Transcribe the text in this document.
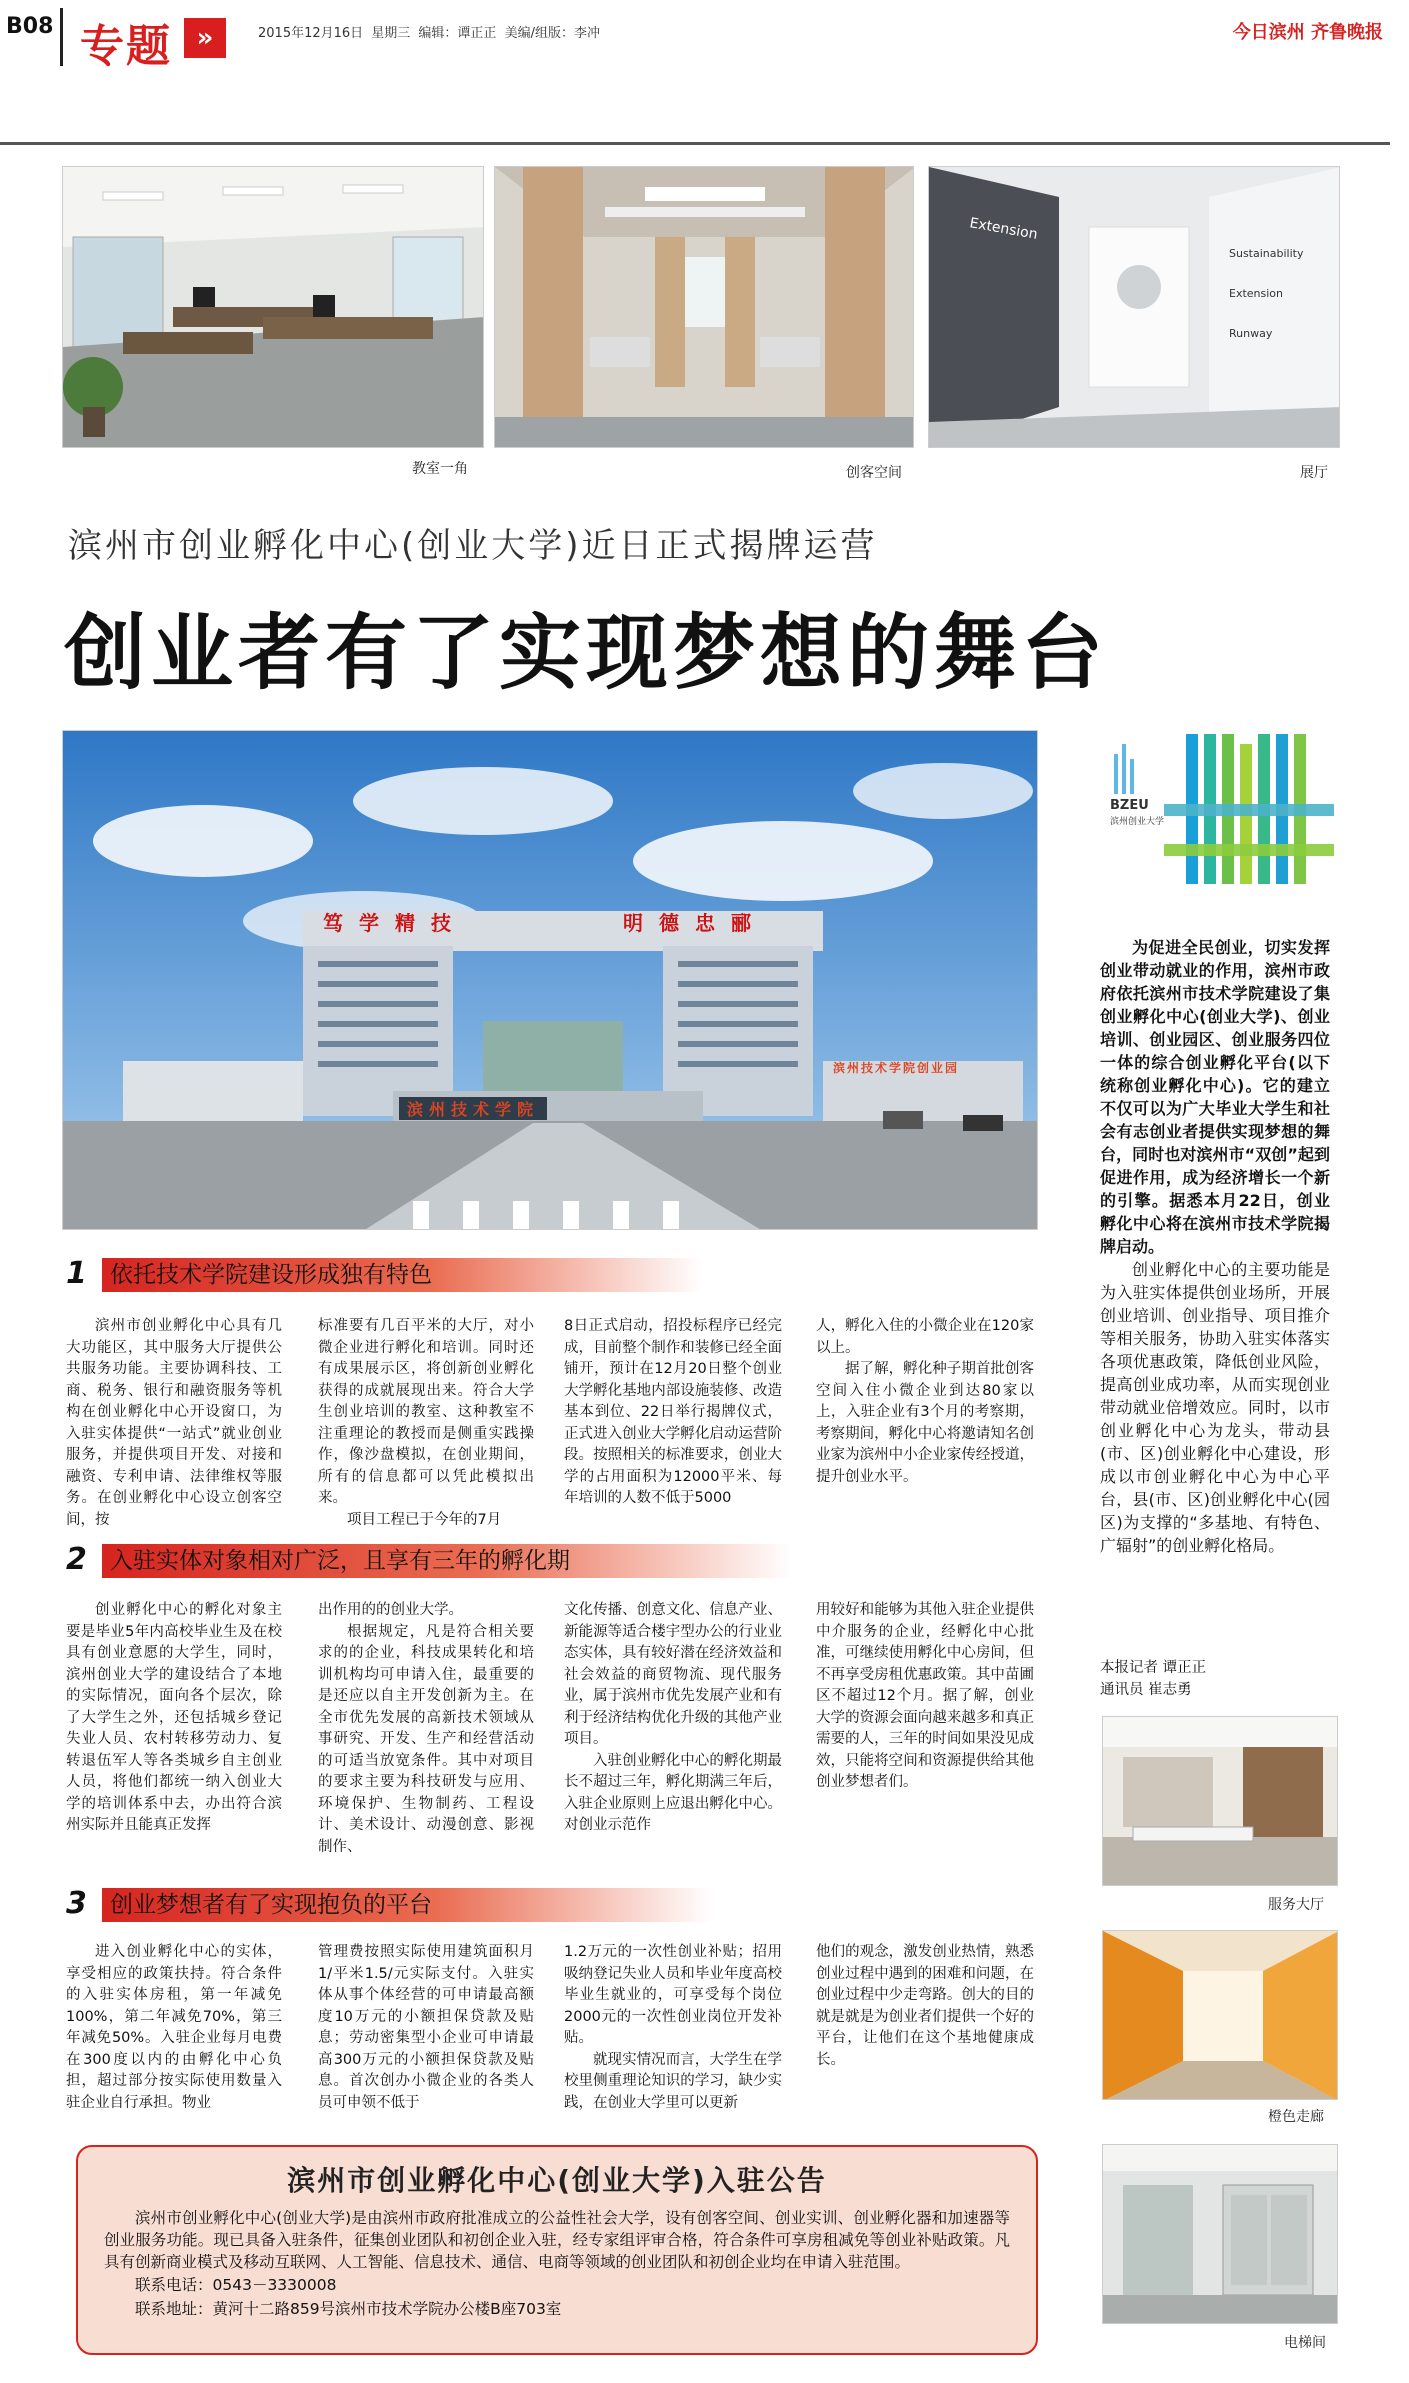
B08 专题 »	2015年12月16日 星期三 编辑：谭正正 美编/组版：李冲	今日滨州 齐鲁晚报
教室一角	创客空间
Extension
Sustainability
Extension
Runway
展厅
滨州市创业孵化中心(创业大学)近日正式揭牌运营
创业者有了实现梦想的舞台
笃学精技	明德忠郦
滨州技术学院
滨州技术学院创业园
1	依托技术学院建设形成独有特色

滨州市创业孵化中心具有几大功能区，其中服务大厅提供公共服务功能。主要协调科技、工商、税务、银行和融资服务等机构在创业孵化中心开设窗口，为入驻实体提供“一站式”就业创业服务，并提供项目开发、对接和融资、专利申请、法律维权等服务。在创业孵化中心设立创客空间，按

标准要有几百平米的大厅，对小微企业进行孵化和培训。同时还有成果展示区，将创新创业孵化获得的成就展现出来。符合大学生创业培训的教室、这种教室不注重理论的教授而是侧重实践操作，像沙盘模拟，在创业期间，所有的信息都可以凭此模拟出来。

项目工程已于今年的7月

8日正式启动，招投标程序已经完成，目前整个制作和装修已经全面铺开，预计在12月20日整个创业大学孵化基地内部设施装修、改造基本到位、22日举行揭牌仪式，正式进入创业大学孵化启动运营阶段。按照相关的标准要求，创业大学的占用面积为12000平米、每年培训的人数不低于5000

人，孵化入住的小微企业在120家以上。

据了解，孵化种子期首批创客空间入住小微企业到达80家以上，入驻企业有3个月的考察期，考察期间，孵化中心将邀请知名创业家为滨州中小企业家传经授道，提升创业水平。

2	入驻实体对象相对广泛，且享有三年的孵化期

创业孵化中心的孵化对象主要是毕业5年内高校毕业生及在校具有创业意愿的大学生，同时，滨州创业大学的建设结合了本地的实际情况，面向各个层次，除了大学生之外，还包括城乡登记失业人员、农村转移劳动力、复转退伍军人等各类城乡自主创业人员，将他们都统一纳入创业大学的培训体系中去，办出符合滨州实际并且能真正发挥

出作用的的创业大学。

根据规定，凡是符合相关要求的的企业，科技成果转化和培训机构均可申请入住，最重要的是还应以自主开发创新为主。在全市优先发展的高新技术领域从事研究、开发、生产和经营活动的可适当放宽条件。其中对项目的要求主要为科技研发与应用、环境保护、生物制药、工程设计、美术设计、动漫创意、影视制作、

文化传播、创意文化、信息产业、新能源等适合楼宇型办公的行业业态实体，具有较好潜在经济效益和社会效益的商贸物流、现代服务业，属于滨州市优先发展产业和有利于经济结构优化升级的其他产业项目。

入驻创业孵化中心的孵化期最长不超过三年，孵化期满三年后，入驻企业原则上应退出孵化中心。对创业示范作

用较好和能够为其他入驻企业提供中介服务的企业，经孵化中心批准，可继续使用孵化中心房间，但不再享受房租优惠政策。其中苗圃区不超过12个月。据了解，创业大学的资源会面向越来越多和真正需要的人，三年的时间如果没见成效，只能将空间和资源提供给其他创业梦想者们。

3	创业梦想者有了实现抱负的平台

进入创业孵化中心的实体，享受相应的政策扶持。符合条件的入驻实体房租，第一年减免100%，第二年减免70%，第三年减免50%。入驻企业每月电费在300度以内的由孵化中心负担，超过部分按实际使用数量入驻企业自行承担。物业

管理费按照实际使用建筑面积月1/平米1.5/元实际支付。入驻实体从事个体经营的可申请最高额度10万元的小额担保贷款及贴息；劳动密集型小企业可申请最高300万元的小额担保贷款及贴息。首次创办小微企业的各类人员可申领不低于

1.2万元的一次性创业补贴；招用吸纳登记失业人员和毕业年度高校毕业生就业的，可享受每个岗位2000元的一次性创业岗位开发补贴。

就现实情况而言，大学生在学校里侧重理论知识的学习，缺少实践，在创业大学里可以更新

他们的观念，激发创业热情，熟悉创业过程中遇到的困难和问题，在创业过程中少走弯路。创大的目的就是就是为创业者们提供一个好的平台，让他们在这个基地健康成长。

BZEU
滨州创业大学

为促进全民创业，切实发挥创业带动就业的作用，滨州市政府依托滨州市技术学院建设了集创业孵化中心(创业大学)、创业培训、创业园区、创业服务四位一体的综合创业孵化平台(以下统称创业孵化中心)。它的建立不仅可以为广大毕业大学生和社会有志创业者提供实现梦想的舞台，同时也对滨州市“双创”起到促进作用，成为经济增长一个新的引擎。据悉本月22日，创业孵化中心将在滨州市技术学院揭牌启动。

创业孵化中心的主要功能是为入驻实体提供创业场所，开展创业培训、创业指导、项目推介等相关服务，协助入驻实体落实各项优惠政策，降低创业风险，提高创业成功率，从而实现创业带动就业倍增效应。同时，以市创业孵化中心为龙头，带动县(市、区)创业孵化中心建设，形成以市创业孵化中心为中心平台，县(市、区)创业孵化中心(园区)为支撑的“多基地、有特色、广辐射”的创业孵化格局。

本报记者 谭正正
通讯员 崔志勇
服务大厅
橙色走廊
电梯间
滨州市创业孵化中心(创业大学)入驻公告
滨州市创业孵化中心(创业大学)是由滨州市政府批准成立的公益性社会大学，设有创客空间、创业实训、创业孵化器和加速器等创业服务功能。现已具备入驻条件，征集创业团队和初创企业入驻，经专家组评审合格，符合条件可享房租减免等创业补贴政策。凡具有创新商业模式及移动互联网、人工智能、信息技术、通信、电商等领域的创业团队和初创企业均在申请入驻范围。
联系电话：0543－3330008
联系地址：黄河十二路859号滨州市技术学院办公楼B座703室
